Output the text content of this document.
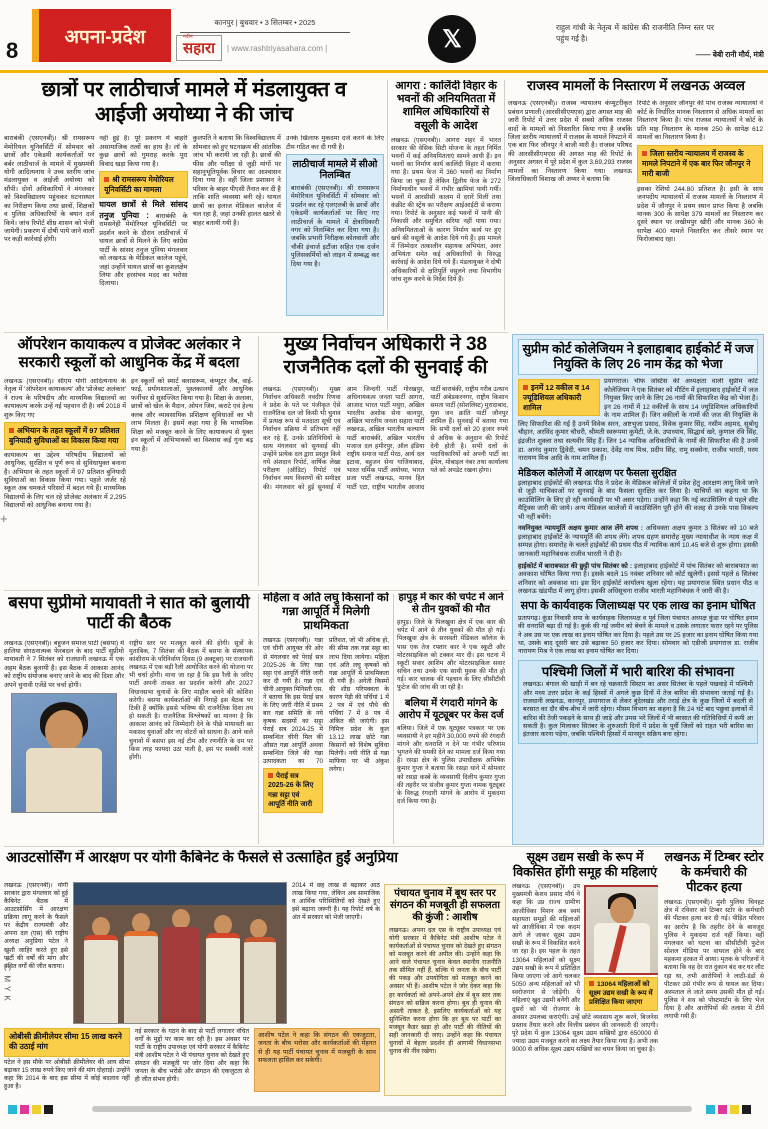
8
अपना-प्रदेश
कानपुर | बुधवार • 3 सितम्बर • 2025
नवीन
सहारा	| www.rashtriyasahara.com |	𝕏	राहुल गांधी के नेतृत्व में कांग्रेस की राजनीति निम्न स्तर पर पहुंच गई है।
—— बेबी रानी मौर्य, मंत्री
छात्रों पर लाठीचार्ज मामले में मंडलायुक्त व आईजी अयोध्या ने की जांच
बाराबंकी (एसएनबी)। श्री रामसरूप मेमोरियल यूनिवर्सिटी में सोमवार को छात्रों और एकेडमी कार्यकर्ताओं पर बर्बर लाठीचार्ज के मामले में मुख्यमंत्री योगी आदित्यनाथ ने उच्च स्तरीय जांच मंडलायुक्त व आईजी अयोध्या को सौंपी। दोनों अधिकारियों ने मंगलवार को विश्वविद्यालय पहुंचकर घटनास्थल का निरीक्षण किया तथा छात्रों, शिक्षकों व पुलिस अधिकारियों के बयान दर्ज किये। जांच रिपोर्ट शीघ्र शासन को भेजी जायेगी। प्रकरण में दोषी पाये जाने वालों पर कड़ी कार्रवाई होगी।
नहीं हुई है। पूरे प्रकरण में बाहरी असामाजिक तत्वों का हाथ है। लॉ के कुछ छात्रों को गुमराह करके पूरा विवाद खड़ा किया गया है।
श्री रामसरूप मेमोरियल यूनिवर्सिटी का मामला
घायल छात्रों से मिले सांसद तनुज पुनिया : बाराबंकी के रामसनेही मेमोरियल यूनिवर्सिटी पर प्रदर्शन करने के दौरान लाठीचार्ज में घायल छात्रों से मिलने के लिए कांग्रेस पार्टी के सांसद तनुज पुनिया मंगलवार को लखनऊ के मेडिकल कालेज पहुंचे, जहां उन्होंने घायल छात्रों का कुशलक्षेम लिया और हरसंभव मदद का भरोसा दिलाया।
कुलपति ने बताया कि विश्वविद्यालय में सोमवार को हुए घटनाक्रम की आंतरिक जांच भी करायी जा रही है। छात्रों की फीस और परीक्षा से जुड़ी मांगों पर सहानुभूतिपूर्वक विचार का आश्वासन दिया गया है। वहीं जिला प्रशासन ने परिसर के बाहर पीएसी तैनात कर दी है ताकि शांति व्यवस्था बनी रहे। घायल छात्रों का इलाज मेडिकल कालेज में चल रहा है, जहां उनकी हालत खतरे से बाहर बतायी गयी है।
उनके खिलाफ मुकदमा दर्ज करने के लिए टीम गठित कर दी गयी है।
लाठीचार्ज मामले में सीओ निलम्बित
बाराबंकी (एसएनबी)। श्री रामसरूप मेमोरियल यूनिवर्सिटी में सोमवार को प्रदर्शन कर रहे एलएलबी के छात्रों और एकेडमी कार्यकर्ताओं पर किए गए लाठीचार्ज के मामले में क्षेत्राधिकारी नगर को निलम्बित कर दिया गया है। जबकि प्रभारी निरीक्षक कोतवाली और चौकी इंचार्ज इटौंजा सहित एक दर्जन पुलिसकर्मियों को लाइन में सम्बद्ध कर दिया गया है।
आगरा : कालिंदी विहार के भवनों की अनियमितता में शामिल अधिकारियों से वसूली के आदेश
लखनऊ (एसएनबी)। आगरा शहर में भारत सरकार की वेसिक सिटी योजना के तहत निर्मित भवनों में कई अनियमितताएं सामने आयी हैं। इन भवनों का निर्माण कार्य कालिंदी विहार में कराया गया है। प्रथम फेज में 360 भवनों का निर्माण किया जा चुका है लेकिन द्वितीय फेज के 272 निर्माणाधीन भवनों में गंभीर खामियां पायी गयीं। भवनों में आरसीसी कालम में दरारें मिलीं तथा कंक्रीट की स्ट्रेंथ का परीक्षण आईआईटी से कराया गया। रिपोर्ट के अनुसार कई भवनों में पानी की निकासी और समुचित सरिया नहीं पाया गया। अनियमितताओं के कारण निर्माण कार्य पर हुए खर्च की वसूली के आदेश दिये गये हैं। इस मामले में जिम्मेदार तत्कालीन सहायक अभियंता, अवर अभियंता समेत कई अधिकारियों के विरुद्ध कार्रवाई के आदेश दिये गये हैं। मंडलायुक्त ने दोषी अधिकारियों से क्षतिपूर्ति वसूलने तथा विभागीय जांच शुरू करने के निर्देश दिये हैं।
राजस्व मामलों के निस्तारण में लखनऊ अव्वल
लखनऊ (एसएनबी)। राजस्व न्यायालय कंप्यूटरीकृत प्रबंधन प्रणाली (आरसीसीएमएस) द्वारा अगस्त माह की जारी रिपोर्ट में उत्तर प्रदेश में सबसे अधिक राजस्व वादों के मामलों को निस्तारित किया गया है जबकि जिला स्तरीय न्यायालयों में राजस्व के मामले निपटाने में एक बार फिर जौनपुर ने बाजी मारी है। राजस्व परिषद की आरसीसीएमएस की अगस्त माह की रिपोर्ट के अनुसार अगस्त में पूरे प्रदेश में कुल 3,69,293 राजस्व मामलों का निस्तारण किया गया। लखनऊ जिलाधिकारी विशाख जी अय्यर ने बताया कि
रिपोर्ट के अनुसार जौनपुर की पांच राजस्व न्यायालयों ने कोर्ट के निर्धारित मानक निस्तारण से अधिक मामलों का निस्तारण किया है। पांच राजस्व न्यायालयों ने कोर्ट के प्रति माह निस्तारण के मानक 250 के सापेक्ष 612 मामलों का निस्तारण किया है।
जिला स्तरीय न्यायालय में राजस्व के मामले निपटाने में एक बार फिर जौनपुर ने मारी बाजी
इसका रेशियो 244.80 प्रतिशत है। इसी के साथ जनपदीय न्यायालयों में राजस्व मामलों के निस्तारण में प्रदेश में जौनपुर ने प्रथम स्थान प्राप्त किया है जबकि मानक 300 के सापेक्ष 379 मामलों का निस्तारण कर दूसरे स्थान पर लखीमपुर खीरी और मानक 360 के सापेक्ष 400 मामले निस्तारित कर तीसरे स्थान पर फिरोजाबाद रहा।
ऑपरेशन कायाकल्प व प्रोजेक्ट अलंकार ने सरकारी स्कूलों को आधुनिक केंद्र में बदला
लखनऊ (एसएनबी)। सीएम योगी आदित्यनाथ के नेतृत्व में 'ऑपरेशन कायाकल्प' और 'प्रोजेक्ट अलंकार' ने राज्य के परिषदीय और माध्यमिक विद्यालयों का कायाकल्प करके उन्हें नई पहचान दी है। वर्ष 2018 में शुरू किए गए
अभियान के तहत स्कूलों में 97 प्रतिशत बुनियादी सुविधाओं का विकास किया गया
कायाकल्प का उद्देश्य परिषदीय विद्यालयों को आधुनिक, सुरक्षित व पूर्ण रूप से सुविधायुक्त बनाना है। अभियान के तहत स्कूलों में 97 प्रतिशत बुनियादी सुविधाओं का विकास किया गया। पहले जर्जर रहे स्कूल अब चमकते परिसरों में बदल गये हैं। माध्यमिक विद्यालयों के लिए चल रहे प्रोजेक्ट अलंकार में 2,295 विद्यालयों को आधुनिक बनाया गया है।
इन स्कूलों को स्मार्ट क्लासरूम, कंप्यूटर लैब, वाई-फाई, प्रयोगशालाओं, पुस्तकालयों और आधुनिक फर्नीचर से सुसज्जित किया गया है। शिक्षा के अलावा, छात्रों को खेल के मैदान, ओपन जिम, कराटे एवं हेल्थ क्लब और व्यावसायिक प्रशिक्षण सुविधाओं का भी लाभ मिलता है। इसमें कहा गया है कि माध्यमिक शिक्षा को मजबूत करने के लिए कायाकल्प से युक्त इन स्कूलों में अभिभावकों का विश्वास कई गुना बढ़ गया है।
मुख्य निर्वाचन अधिकारी ने 38 राजनैतिक दलों की सुनवाई की
लखनऊ (एसएनबी)। मुख्य निर्वाचन अधिकारी नवदीप रिणवा ने प्रदेश के पते पर पंजीकृत ऐसे राजनैतिक दल जो किसी भी चुनाव में प्रत्यक्ष रूप से मतदाता सूची एवं निर्वाचन प्रक्रिया में प्रतिभाग नहीं कर रहे हैं, उनके प्रतिनिधियों के साथ मंगलवार को सुनवाई की। उन्होंने प्रत्येक दल द्वारा प्रस्तुत किये गये अंशदान रिपोर्ट, वार्षिक लेखा परीक्षण (ऑडिट) रिपोर्ट एवं निर्वाचन व्यय विवरणों की समीक्षा की। मंगलवार को हुई सुनवाई में आम जिन्दगी पार्टी गोरखपुर, अधिनायकत्व जनता पार्टी आगरा, आजाद भारत पार्टी मथुरा, अखिल भारतीय अशोक सेना कानपुर, अखिल भारतीय जनता सहारा पार्टी लखनऊ, अखिल भारतीय कल्याण पार्टी बाराबंकी, अखिल भारतीय मजाज दल हमीरपुर, ऑल इंडिया राष्ट्रीय समाज पार्टी मेरठ, आर्य दल इटावा, बहुजन सेना गाजियाबाद, भारत धर्मिक पार्टी अयोध्या, भारत प्रजा पार्टी लखनऊ, मानव हित पार्टी एटा, राष्ट्रीय भारतीय आजाद पार्टी बाराबंकी, राष्ट्रीय गरीब उत्थान पार्टी अंबेडकरनगर, राष्ट्रीय किसान समता पार्टी (सोशलिस्ट) मुरादाबाद, युवा जन क्रांति पार्टी जौनपुर शामिल हैं। सुनवाई में बताया गया कि सभी दलों को 20 हजार रुपये से अधिक के अनुदान की रिपोर्ट देनी होती है। सभी दलों के पदाधिकारियों को अपनी पार्टी का ईमेल, मोबाइल नंबर तथा कार्यालय पते को अपडेट रखना होगा।
सुप्रीम कोर्ट कोलेजियम ने इलाहाबाद हाईकोर्ट में जज नियुक्ति के लिए 26 नाम केंद्र को भेजा
इनमें 12 वकील व 14 ज्यूडिशियल अधिकारी शामिल
प्रयागराज। चीफ जस्टिस की अध्यक्षता वाली सुप्रीम कोर्ट कोलेजियम ने एक सितंबर को मीटिंग में इलाहाबाद हाईकोर्ट में जज नियुक्त किए जाने के लिए 26 नामों की सिफारिश केंद्र को भेजा है। इन 26 नामों में 12 वकीलों के साथ 14 ज्यूडिशियल अधिकारियों के नाम शामिल हैं। जिन वकीलों के नामों की जज की नियुक्ति के लिए सिफारिश की गई है उनमें विवेक सरन, अष्टभुजा प्रसाद, विवेक कुमार सिंह, नसीम अहमद, सुबोधु चौहान, अरविंद कुमार चौधरी, श्रीमती स्वरूपमा कुमेटी, जे.के. उपाध्याय, सिद्धार्थ खरे, कुणाल रवि सिंह, इंद्रजीत शुक्ला तथा सत्यवीर सिंह हैं। जिन 14 न्यायिक अधिकारियों के नामों की सिफारिश की है उनमें डा. आनंद कुमार द्विवेदी, चमन प्रकाश, देवेंद्र नाथ मिश्र, प्रदीप सिंह, रामू सक्सेना, राजीव भारती, परम नारायण मिश्र आदि के नाम शामिल हैं।
मेडिकल कॉलेजों में आरक्षण पर फैसला सुरक्षित

इलाहाबाद हाईकोर्ट की लखनऊ पीठ ने प्रदेश के मेडिकल कॉलेजों में प्रवेश हेतु आरक्षण लागू किये जाने से जुड़ी याचिकाओं पर सुनवाई के बाद फैसला सुरक्षित कर लिया है। याचियों का कहना था कि काउंसिलिंग के लिए हो रही कार्यवाही पर भी असर पड़ेगा। उन्होंने कहा कि नई काउंसिलिंग से पहले सीट मैट्रिक्स जारी की जाये। अन्य मेडिकल कालेजों में काउंसिलिंग पूरी होने की वजह से उनके पास विकल्प भी नहीं बचेंगे।

नवनियुक्त न्यायमूर्ति अक्षय कुमार आज लेंगे शपथ : अधिवक्ता अक्षय कुमार 3 सितंबर को 10 बजे इलाहाबाद हाईकोर्ट के न्यायमूर्ति की शपथ लेंगे। शपथ ग्रहण समारोह मुख्य न्यायाधीश के न्याय कक्ष में सम्पन्न होगा। समारोह के चलते हाईकोर्ट की प्रथम पीठ में न्यायिक कार्य 10.45 बजे से शुरू होगा। इसकी जानकारी महानिबंधक राजीव भारती ने दी है।

हाईकोर्ट में बाराबफात की छुट्टी पांच सितंबर को : इलाहाबाद हाईकोर्ट में पांच सितंबर को बाराबफात का अवकाश घोषित किया गया है। इसके बदले 15 नवंबर शनिवार को कोर्ट खुलेगी। इससे पहले 6 सितंबर शनिवार को अवकाश था। इस दिन हाईकोर्ट कार्यालय खुला रहेगा। यह प्रयागराज स्थित प्रधान पीठ व लखनऊ खंडपीठ में लागू होगा। इसकी अधिसूचना राजीव भारती महानिबंधक ने जारी की है।

सपा के कार्यवाहक जिलाध्यक्ष पर एक लाख का इनाम घोषित
प्रतापगढ़। कुंडा निवासी सपा के कार्यवाहक जिलाध्यक्ष व पूर्व जिला पंचायत अध्यक्ष कुंडा पर घोषित इनाम की धनराशि बढ़ा दी गई है। कुर्क की गई जमीन को बेचने के मामले व उसके लगातार फरार रहने पर पुलिस ने अब उस पर एक लाख का इनाम घोषित कर दिया है। पहले उस पर 25 हजार का इनाम घोषित किया गया था, उसके बाद दूसरी बार उसे बढ़ाकर 50 हजार कर दिया। सोमवार को एडीजी प्रयागराज डा. राजीव नारायण मिश्र ने एक लाख का इनाम घोषित कर दिया।
पश्चिमी जिलों में भारी बारिश की संभावना
लखनऊ। बंगाल की खाड़ी में बन रहे चक्रवाती सिस्टम का असर सितंबर के पहले पखवाड़े में पश्चिमी और मध्य उत्तर प्रदेश के कई हिस्सों में अगले कुछ दिनों में तेज बारिश की संभावना जताई गई है। राजधानी लखनऊ, कानपुर, प्रयागराज से लेकर बुंदेलखंड और तराई क्षेत्र के कुछ जिलों में बदली से बरसात का दौर बीच-बीच में जारी रहेगा। मौसम विभाग का कहना है कि 24 घंटे बाद पछुवा इलाकों में बारिश की तेजी पकड़ने के साथ ही जाड़े और उमस भरे जिलों में भी बरसात की गतिविधियों में कमी आ सकती है। कुल मिलाकर सितंबर के शुरुआती दिनों में प्रदेश के पूर्वी जिलों को राहत भरी बारिश का इंतजार करना पड़ेगा, जबकि पश्चिमी हिस्सों में मानसून सक्रिय बना रहेगा।
बसपा सुप्रीमो मायावती ने सात को बुलायी पार्टी की बैठक
लखनऊ (एसएनबी)। बहुजन समाज पार्टी (बसपा) में हालिया संगठनात्मक फेरबदल के बाद पार्टी सुप्रीमो मायावती ने 7 सितंबर को राजधानी लखनऊ में एक अहम बैठक बुलायी है। इस बैठक में आकाश आनंद को राष्ट्रीय संयोजक बनाए जाने के बाद की दिशा और अपने चुनावी एजेंडे पर चर्चा होगी।
राष्ट्रीय स्तर पर मजबूत करने की होगी। सूत्रों के मुताबिक, 7 सितंबर की बैठक में बसपा के संस्थापक कांशीराम के परिनिर्वाण दिवस (9 अक्टूबर) पर राजधानी लखनऊ में एक बड़ी रैली आयोजित करने की योजना पर भी चर्चा होगी। माना जा रहा है कि इस रैली के जरिए पार्टी अपनी ताकत का प्रदर्शन करेगी और 2027 विधानसभा चुनावों के लिए माहौल बनाने की कोशिश करेगी। बसपा कार्यकर्ताओं की निगाहें इस बैठक पर टिकी हैं क्योंकि इससे भविष्य की राजनैतिक दिशा तय हो सकती है। राजनैतिक विश्लेषकों का मानना है कि आकाश आनंद को जिम्मेदारी देने के पीछे मायावती का मकसद युवाओं और नए वोटरों को साधना है। आने वाले चुनावों में बसपा इस नई टीम और रणनीति के दम पर किस तरह फायदा उठा पाती है, इस पर सबकी नजरें होंगी।
महिला व अति लघु किसानों को गन्ना आपूर्ति में मिलेगी प्राथमिकता
लखनऊ (एसएनबी)। गन्ना एवं चीनी आयुक्त की ओर से मंगलवार को पेराई सत्र 2025-26 के लिए गन्ना सट्टा एवं आपूर्ति नीति जारी कर दी गयी है। गन्ना एवं चीनी आयुक्त मिनिस्ती एस. ने बताया कि इस पेराई सत्र के लिए जारी नीति में प्रथम बार गन्ना समिति के नये कृषक सदस्यों का सट्टा पेराई सत्र 2024-25 में सम्बन्धित चीनी मिल की औसत गन्ना आपूर्ति अथवा सम्बन्धित जिले की गन्ना उत्पादकता का 70 पेराई सत्र 2025-26 के लिए गन्ना सट्टा एवं आपूर्ति नीति जारी प्रतिशत, जो भी अधिक हो, की सीमा तक गन्ना सट्टा का लाभ दिया जायेगा। महिला एवं अति लघु कृषकों को गन्ना आपूर्ति में प्राथमिकता दी गयी है। अगेती किस्मों की शीघ्र परिपक्वता के कारण पेड़ी की पर्चियां 1 में 2 पत्र में एवं पौधे की पर्चियां 7 में 8 पत्र में अंकित की जाएंगी। इस निमित्त प्रदेश के कुल 13.12 लाख छोटे गन्ना किसानों को विशेष सुविधा मिलेगी। नयी नीति से गन्ना माफिया पर भी अंकुश लगेगा।
हापुड़ में कार की चपेट में आने से तीन युवकों की मौत
हापुड़। जिले के पिलखुवा क्षेत्र में एक कार की चपेट में आने से तीन युवकों की मौत हो गई। पिलखुवा क्षेत्र के सरस्वती मेडिकल कॉलेज के पास एक तेज रफ्तार कार ने एक स्कूटी और मोटरसाइकिल को टक्कर मार दी। इस घटना में स्कूटी सवार आशिम और मोटरसाइकिल सवार सचिन तथा उनके एक साथी युवक की मौत हो गई। कार चालक की पहचान के लिए सीसीटीवी फुटेज की जांच की जा रही है।
बलिया में रंगदारी मांगने के आरोप में यूट्यूबर पर केस दर्ज
बलिया। जिले में एक यूट्यूबर पत्रकार पर एक व्यवसायी ने हर महीने 30,000 रुपये की रंगदारी मांगने और धनराशि न देने पर गंभीर परिणाम भुगतने की धमकी देने का मामला दर्ज किया गया है। रसड़ा क्षेत्र के पुलिस उपाधीक्षक अभिषेक कुमार गुप्ता ने बताया कि रसड़ा थाने में सोमवार को रसड़ा कस्बे के व्यवसायी दिलीप कुमार गुप्ता की तहरीर पर संजीव कुमार गुप्ता नामक यूट्यूबर के विरुद्ध रंगदारी मांगने के आरोप में मुकदमा दर्ज किया गया है।
आउटसोर्सिंग में आरक्षण पर योगी कैबिनेट के फैसले से उत्साहित हुईं अनुप्रिया
लखनऊ (एसएनबी)। योगी सरकार द्वारा मंगलवार को हुई कैबिनेट बैठक में आउटसोर्सिंग में आरक्षण प्रक्रिया लागू करने के फैसले पर केंद्रीय राज्यमंत्री और अपना दल (एस) की राष्ट्रीय अध्यक्ष अनुप्रिया पटेल ने खुशी जाहिर करते हुए इसे पार्टी की वर्षों की मांग और वंचित वर्गों की जीत बताया।
2014 में छह लाख से बढ़ाकर आठ लाख किया गया, लेकिन अब सामाजिक व आर्थिक परिस्थितियों को देखते हुए इसे बढ़ाना जरूरी है। यह रिपोर्ट वर्ष के अंत में सरकार को भेजी जाएगी।
ओबीसी क्रीमीलेयर सीमा 15 लाख करने की उठाई मांग
पटेल ने इस मौके पर ओबीसी क्रीमीलेयर की आय सीमा बढ़ाकर 15 लाख रुपये किए जाने की मांग दोहराई। उन्होंने कहा कि 2014 के बाद इस सीमा में कोई बदलाव नहीं हुआ है।
नई सरकार के गठन के बाद से पार्टी लगातार वंचित वर्गों के मुद्दों पर काम कर रही है। इस अवसर पर पार्टी के राष्ट्रीय उपाध्यक्ष एवं योगी सरकार में कैबिनेट मंत्री आशीष पटेल ने भी पंचायत चुनाव को देखते हुए संगठन की मजबूती पर जोर दिया और कहा कि जनता के बीच भरोसे और संगठन की एकजुटता से ही जीत संभव होगी।
आशीष पटेल ने कहा कि संगठन की एकजुटता, जनता के बीच भरोसा और कार्यकर्ताओं की मेहनत से ही यह पार्टी पंचायत चुनाव में मजबूती के साथ सफलता हासिल कर सकेगी।
पंचायत चुनाव में बूथ स्तर पर संगठन की मजबूती ही सफलता की कुंजी : आशीष
लखनऊ। अपना दल एस के राष्ट्रीय उपाध्यक्ष एवं योगी सरकार में कैबिनेट मंत्री आशीष पटेल ने कार्यकर्ताओं से पंचायत चुनाव को देखते हुए संगठन को मजबूत करने की अपील की। उन्होंने कहा कि आने वाले पंचायत चुनाव केवल स्थानीय राजनीति तक सीमित नहीं हैं, बल्कि ये जनता के बीच पार्टी की पकड़ और उपयोगिता को मजबूत करने का अवसर भी हैं। आशीष पटेल ने जोर देकर कहा कि हर कार्यकर्ता को अपने-अपने क्षेत्र में बूथ स्तर तक संगठन को सक्रिय करना होगा। बूथ ही चुनाव की असली ताकत है, इसलिए कार्यकर्ताओं को यह सुनिश्चित करना होगा कि हर बूथ पर पार्टी का मजबूत कैडर खड़ा हो और पार्टी की नीतियों की सही जानकारी दी जाए। उन्होंने कहा कि पंचायत चुनावों में बेहतर प्रदर्शन ही आगामी विधानसभा चुनाव की नींव रखेगा।
सूक्ष्म उद्यम सखी के रूप में विकसित होंगी समूह की महिलाएं
13064 महिलाओं को सूक्ष्म उद्यम सखी के रूप में प्रशिक्षित किया जाएगा
लखनऊ (एसएनबी)। उप मुख्यमंत्री केशव प्रसाद मौर्य ने कहा कि उप्र राज्य ग्रामीण आजीविका मिशन अब स्वयं सहायता समूहों की महिलाओं को आजीविका में एक कदम आगे ले जाकर सूक्ष्म उद्यम सखी के रूप में विकसित करने जा रहा है। इस पहल के तहत 13064 महिलाओं को सूक्ष्म उद्यम सखी के रूप में प्रशिक्षित किया जाएगा जो आगे चलकर 5050 अन्य महिलाओं को भी स्वरोजगार से जोड़ेंगी। ये महिलाएं खुद उद्यमी बनेंगी और दूसरों को भी रोजगार के अवसर उपलब्ध कराएंगी। उन्हें छोटे व्यवसाय शुरू करने, बिजनेस प्रस्ताव तैयार करने और वित्तीय प्रबंधन की जानकारी दी जाएगी। पूरे प्रदेश में कुल 13064 सूक्ष्म उद्यम सखियों द्वारा 650000 से ज्यादा उद्यम मजबूत करने का लक्ष्य तैयार किया गया है। अभी तक 9000 से अधिक सूक्ष्म उद्यम सखियों का चयन किया जा चुका है।
लखनऊ में टिम्बर स्टोर के कर्मचारी की पीटकर हत्या
लखनऊ (एसएनबी)। मुंशी पुलिया चिनहट क्षेत्र में रविवार को टिम्बर स्टोर के कर्मचारी की पीटकर हत्या कर दी गई। पीड़ित परिवार का आरोप है कि तहरीर देने के बावजूद पुलिस ने मुकदमा दर्ज नहीं किया। वहीं मंगलवार को घटना का सीसीटीवी फुटेज सोशल मीडिया पर वायरल होने के बाद महकमा हरकत में आया। मृतक के परिजनों ने बताया कि वह देर रात दुकान बंद कर घर लौट रहा था, तभी आरोपियों ने लाठी-डंडों से पीटकर उसे गंभीर रूप से घायल कर दिया। अस्पताल ले जाते समय उसकी मौत हो गई। पुलिस ने शव को पोस्टमार्टम के लिए भेज दिया है और आरोपियों की तलाश में टीमें लगायी गयी हैं।
+
+ C M Y K
